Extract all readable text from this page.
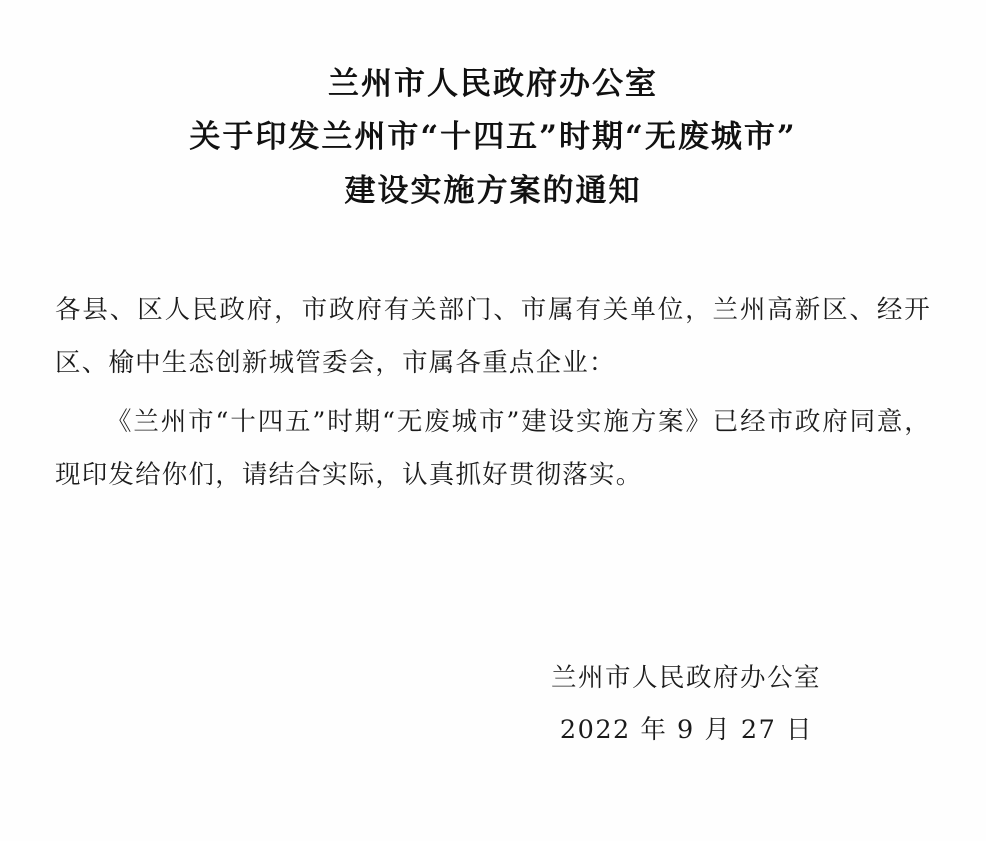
兰州市人民政府办公室
关于印发兰州市“十四五”时期“无废城市”
建设实施方案的通知

各县、区人民政府，市政府有关部门、市属有关单位，兰州高新区、经开区、榆中生态创新城管委会，市属各重点企业：

《兰州市“十四五”时期“无废城市”建设实施方案》已经市政府同意，现印发给你们，请结合实际，认真抓好贯彻落实。

兰州市人民政府办公室
2022 年 9 月 27 日
